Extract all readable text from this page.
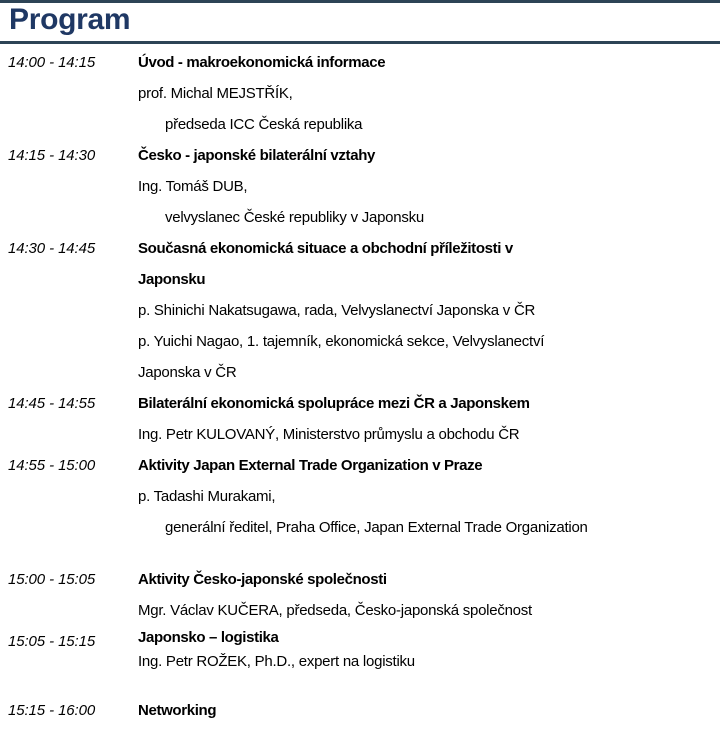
Program
14:00 - 14:15	Úvod - makroekonomická informace
prof. Michal MEJSTŘÍK,
předseda ICC Česká republika
14:15 - 14:30	Česko - japonské bilaterální vztahy
Ing. Tomáš DUB,
velvyslanec České republiky v Japonsku
14:30 - 14:45	Současná ekonomická situace a obchodní příležitosti v
Japonsku
p. Shinichi Nakatsugawa, rada, Velvyslanectví Japonska v ČR
p. Yuichi Nagao, 1. tajemník, ekonomická sekce, Velvyslanectví
Japonska v ČR
14:45 - 14:55	Bilaterální ekonomická spolupráce mezi ČR a Japonskem
Ing. Petr KULOVANÝ, Ministerstvo průmyslu a obchodu ČR
14:55 - 15:00	Aktivity Japan External Trade Organization v Praze
p. Tadashi Murakami,
generální ředitel, Praha Office, Japan External Trade Organization
15:00 - 15:05	Aktivity Česko-japonské společnosti
Mgr. Václav KUČERA, předseda, Česko-japonská společnost
15:05 - 15:15	Japonsko – logistika
Ing. Petr ROŽEK, Ph.D., expert na logistiku
15:15 - 16:00	Networking
